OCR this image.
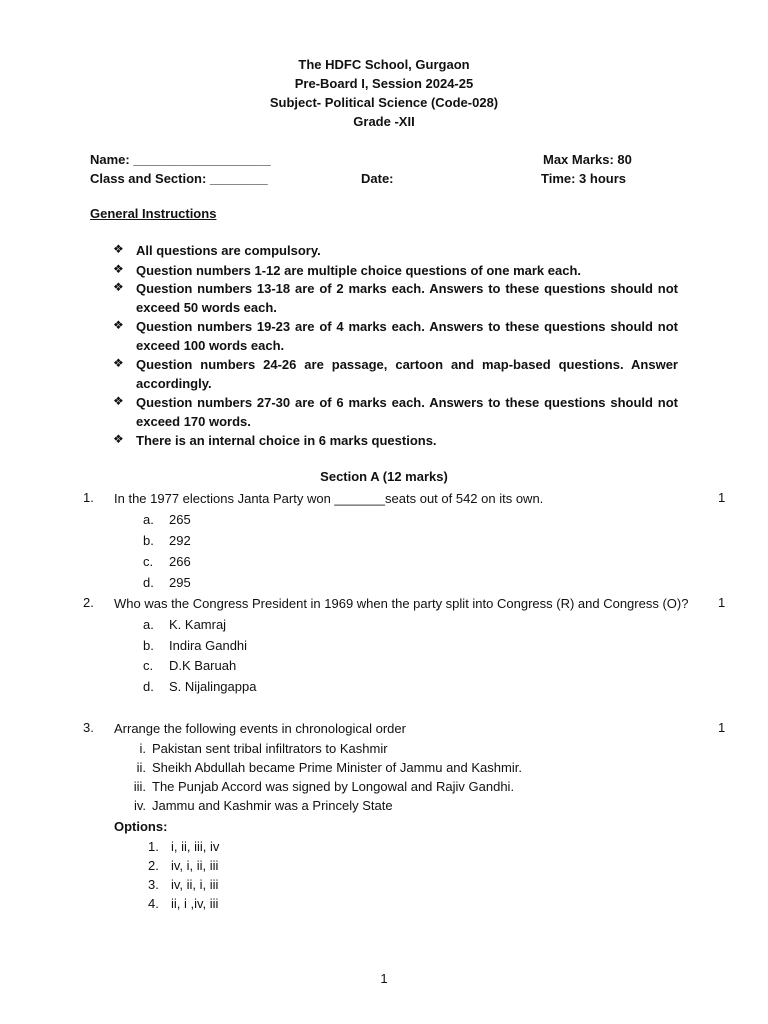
The HDFC School, Gurgaon
Pre-Board I, Session 2024-25
Subject- Political Science (Code-028)
Grade -XII
Name: ___________________	Max Marks: 80
Class and Section: ________	Date:	Time: 3 hours
General Instructions
❖ All questions are compulsory.
❖ Question numbers 1-12 are multiple choice questions of one mark each.
❖ Question numbers 13-18 are of 2 marks each. Answers to these questions should not exceed 50 words each.
❖ Question numbers 19-23 are of 4 marks each. Answers to these questions should not exceed 100 words each.
❖ Question numbers 24-26 are passage, cartoon and map-based questions. Answer accordingly.
❖ Question numbers 27-30 are of 6 marks each. Answers to these questions should not exceed 170 words.
❖ There is an internal choice in 6 marks questions.
Section A (12 marks)
1. In the 1977 elections Janta Party won _______seats out of 542 on its own.	1
a. 265
b. 292
c. 266
d. 295
2. Who was the Congress President in 1969 when the party split into Congress (R) and Congress (O)? 1
a. K. Kamraj
b. Indira Gandhi
c. D.K Baruah
d. S. Nijalingappa
3. Arrange the following events in chronological order	1
i. Pakistan sent tribal infiltrators to Kashmir
ii. Sheikh Abdullah became Prime Minister of Jammu and Kashmir.
iii. The Punjab Accord was signed by Longowal and Rajiv Gandhi.
iv. Jammu and Kashmir was a Princely State
Options:
1. i, ii, iii, iv
2. iv, i, ii, iii
3. iv, ii, i, iii
4. ii, i ,iv, iii
1
